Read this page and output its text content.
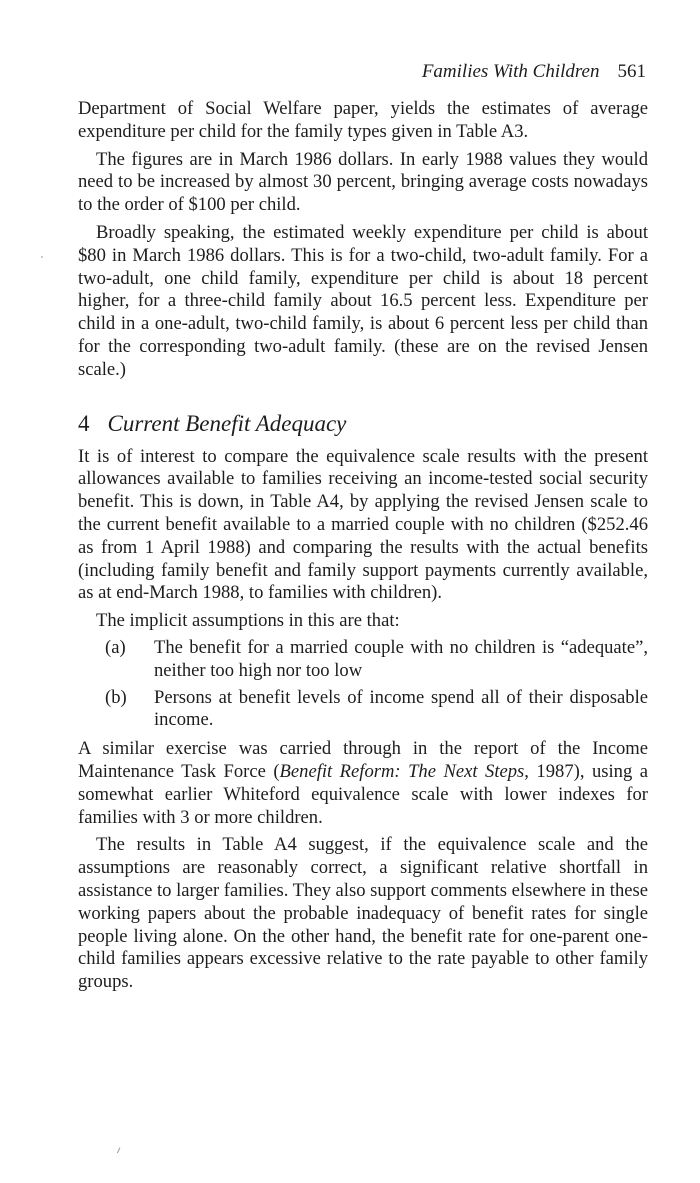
Families With Children 561

Department of Social Welfare paper, yields the estimates of average expenditure per child for the family types given in Table A3.

The figures are in March 1986 dollars. In early 1988 values they would need to be increased by almost 30 percent, bringing average costs nowadays to the order of $100 per child.

Broadly speaking, the estimated weekly expenditure per child is about $80 in March 1986 dollars. This is for a two-child, two-adult family. For a two-adult, one child family, expenditure per child is about 18 percent higher, for a three-child family about 16.5 percent less. Expenditure per child in a one-adult, two-child family, is about 6 percent less per child than for the corresponding two-adult family. (these are on the revised Jensen scale.)

4 Current Benefit Adequacy

It is of interest to compare the equivalence scale results with the present allowances available to families receiving an income-tested social security benefit. This is down, in Table A4, by applying the revised Jensen scale to the current benefit available to a married couple with no children ($252.46 as from 1 April 1988) and comparing the results with the actual benefits (including family benefit and family support payments currently available, as at end-March 1988, to families with children).

The implicit assumptions in this are that:

(a)	The benefit for a married couple with no children is “adequate”, neither too high nor too low
(b)	Persons at benefit levels of income spend all of their disposable income.

A similar exercise was carried through in the report of the Income Maintenance Task Force (Benefit Reform: The Next Steps, 1987), using a somewhat earlier Whiteford equivalence scale with lower indexes for families with 3 or more children.

The results in Table A4 suggest, if the equivalence scale and the assumptions are reasonably correct, a significant relative shortfall in assistance to larger families. They also support comments elsewhere in these working papers about the probable inadequacy of benefit rates for single people living alone. On the other hand, the benefit rate for one-parent one-child families appears excessive relative to the rate payable to other family groups.
